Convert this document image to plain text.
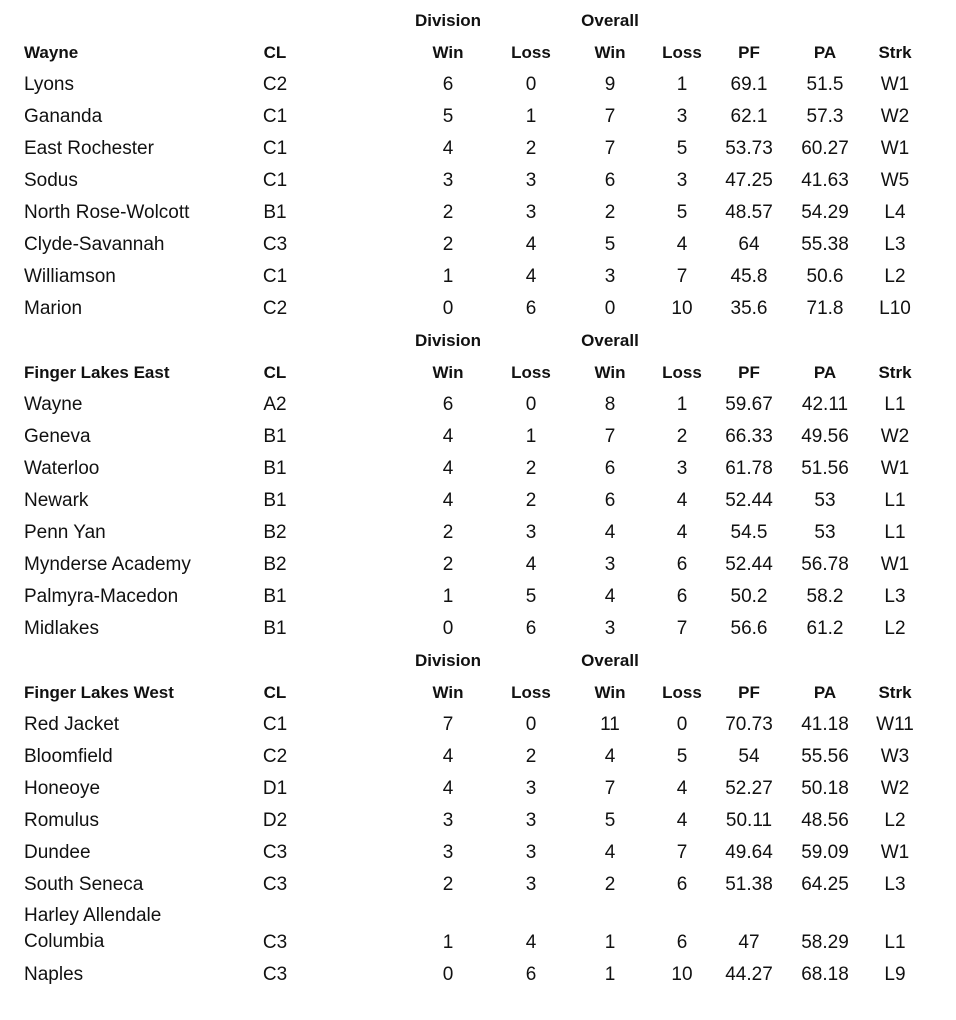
Division	Overall
Wayne	CL	Win	Loss	Win	Loss	PF	PA	Strk
Lyons	C2	6	0	9	1	69.1	51.5	W1
Gananda	C1	5	1	7	3	62.1	57.3	W2
East Rochester	C1	4	2	7	5	53.73	60.27	W1
Sodus	C1	3	3	6	3	47.25	41.63	W5
North Rose-Wolcott	B1	2	3	2	5	48.57	54.29	L4
Clyde-Savannah	C3	2	4	5	4	64	55.38	L3
Williamson	C1	1	4	3	7	45.8	50.6	L2
Marion	C2	0	6	0	10	35.6	71.8	L10
Division	Overall
Finger Lakes East	CL	Win	Loss	Win	Loss	PF	PA	Strk
Wayne	A2	6	0	8	1	59.67	42.11	L1
Geneva	B1	4	1	7	2	66.33	49.56	W2
Waterloo	B1	4	2	6	3	61.78	51.56	W1
Newark	B1	4	2	6	4	52.44	53	L1
Penn Yan	B2	2	3	4	4	54.5	53	L1
Mynderse Academy	B2	2	4	3	6	52.44	56.78	W1
Palmyra-Macedon	B1	1	5	4	6	50.2	58.2	L3
Midlakes	B1	0	6	3	7	56.6	61.2	L2
Division	Overall
Finger Lakes West	CL	Win	Loss	Win	Loss	PF	PA	Strk
Red Jacket	C1	7	0	11	0	70.73	41.18	W11
Bloomfield	C2	4	2	4	5	54	55.56	W3
Honeoye	D1	4	3	7	4	52.27	50.18	W2
Romulus	D2	3	3	5	4	50.11	48.56	L2
Dundee	C3	3	3	4	7	49.64	59.09	W1
South Seneca	C3	2	3	2	6	51.38	64.25	L3
Harley Allendale
Columbia	C3	1	4	1	6	47	58.29	L1
Naples	C3	0	6	1	10	44.27	68.18	L9
